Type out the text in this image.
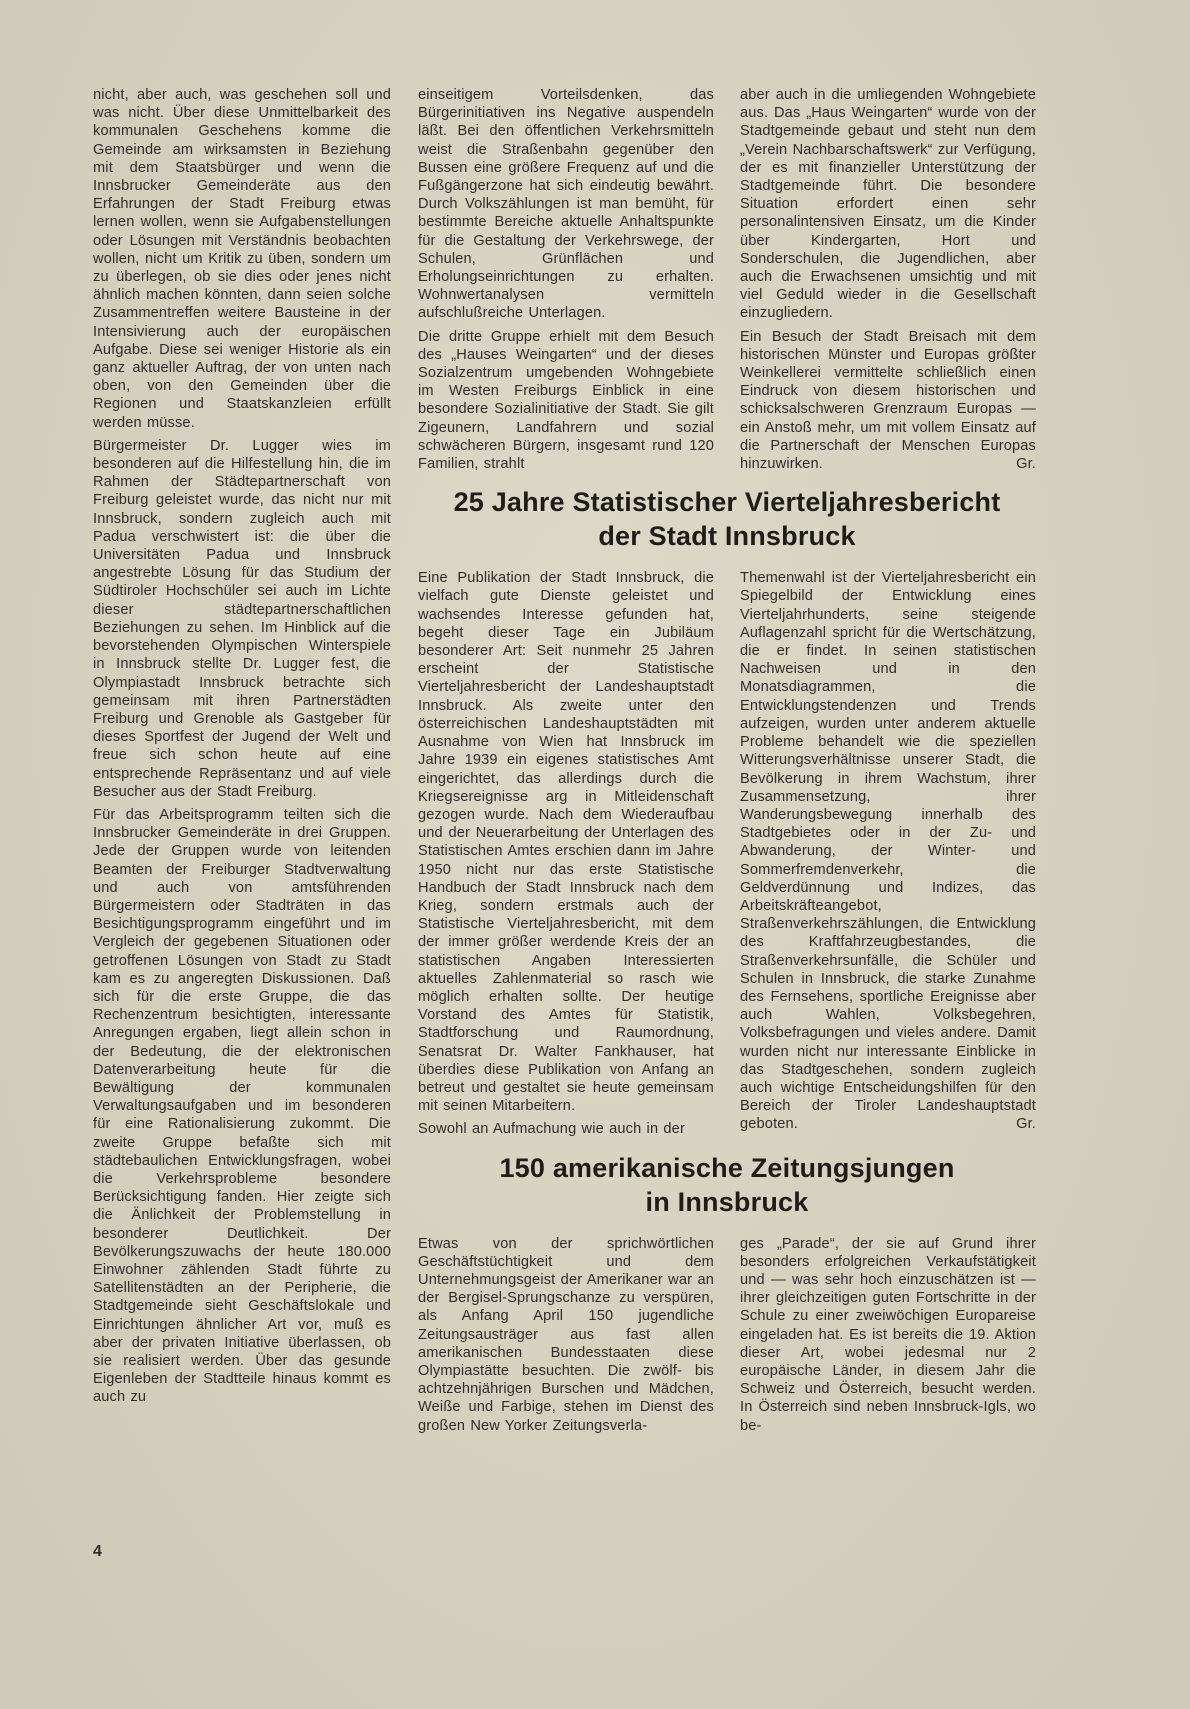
nicht, aber auch, was geschehen soll und was nicht. Über diese Unmittelbarkeit des kommunalen Geschehens komme die Gemeinde am wirksamsten in Beziehung mit dem Staatsbürger und wenn die Innsbrucker Gemeinderäte aus den Erfahrungen der Stadt Freiburg etwas lernen wollen, wenn sie Aufgabenstellungen oder Lösungen mit Verständnis beobachten wollen, nicht um Kritik zu üben, sondern um zu überlegen, ob sie dies oder jenes nicht ähnlich machen könnten, dann seien solche Zusammentreffen weitere Bausteine in der Intensivierung auch der europäischen Aufgabe. Diese sei weniger Historie als ein ganz aktueller Auftrag, der von unten nach oben, von den Gemeinden über die Regionen und Staatskanzleien erfüllt werden müsse.

Bürgermeister Dr. Lugger wies im besonderen auf die Hilfestellung hin, die im Rahmen der Städtepartnerschaft von Freiburg geleistet wurde, das nicht nur mit Innsbruck, sondern zugleich auch mit Padua verschwistert ist: die über die Universitäten Padua und Innsbruck angestrebte Lösung für das Studium der Südtiroler Hochschüler sei auch im Lichte dieser städtepartnerschaftlichen Beziehungen zu sehen. Im Hinblick auf die bevorstehenden Olympischen Winterspiele in Innsbruck stellte Dr. Lugger fest, die Olympiastadt Innsbruck betrachte sich gemeinsam mit ihren Partnerstädten Freiburg und Grenoble als Gastgeber für dieses Sportfest der Jugend der Welt und freue sich schon heute auf eine entsprechende Repräsentanz und auf viele Besucher aus der Stadt Freiburg.

Für das Arbeitsprogramm teilten sich die Innsbrucker Gemeinderäte in drei Gruppen. Jede der Gruppen wurde von leitenden Beamten der Freiburger Stadtverwaltung und auch von amtsführenden Bürgermeistern oder Stadträten in das Besichtigungsprogramm eingeführt und im Vergleich der gegebenen Situationen oder getroffenen Lösungen von Stadt zu Stadt kam es zu angeregten Diskussionen. Daß sich für die erste Gruppe, die das Rechenzentrum besichtigten, interessante Anregungen ergaben, liegt allein schon in der Bedeutung, die der elektronischen Datenverarbeitung heute für die Bewältigung der kommunalen Verwaltungsaufgaben und im besonderen für eine Rationalisierung zukommt. Die zweite Gruppe befaßte sich mit städtebaulichen Entwicklungsfragen, wobei die Verkehrsprobleme besondere Berücksichtigung fanden. Hier zeigte sich die Änlichkeit der Problemstellung in besonderer Deutlichkeit. Der Bevölkerungszuwachs der heute 180.000 Einwohner zählenden Stadt führte zu Satellitenstädten an der Peripherie, die Stadtgemeinde sieht Geschäftslokale und Einrichtungen ähnlicher Art vor, muß es aber der privaten Initiative überlassen, ob sie realisiert werden. Über das gesunde Eigenleben der Stadtteile hinaus kommt es auch zu

einseitigem Vorteilsdenken, das Bürgerinitiativen ins Negative auspendeln läßt. Bei den öffentlichen Verkehrsmitteln weist die Straßenbahn gegenüber den Bussen eine größere Frequenz auf und die Fußgängerzone hat sich eindeutig bewährt. Durch Volkszählungen ist man bemüht, für bestimmte Bereiche aktuelle Anhaltspunkte für die Gestaltung der Verkehrswege, der Schulen, Grünflächen und Erholungseinrichtungen zu erhalten. Wohnwertanalysen vermitteln aufschlußreiche Unterlagen.

Die dritte Gruppe erhielt mit dem Besuch des „Hauses Weingarten“ und der dieses Sozialzentrum umgebenden Wohngebiete im Westen Freiburgs Einblick in eine besondere Sozialinitiative der Stadt. Sie gilt Zigeunern, Landfahrern und sozial schwächeren Bürgern, insgesamt rund 120 Familien, strahlt

aber auch in die umliegenden Wohngebiete aus. Das „Haus Weingarten“ wurde von der Stadtgemeinde gebaut und steht nun dem „Verein Nachbarschaftswerk“ zur Verfügung, der es mit finanzieller Unterstützung der Stadtgemeinde führt. Die besondere Situation erfordert einen sehr personalintensiven Einsatz, um die Kinder über Kindergarten, Hort und Sonderschulen, die Jugendlichen, aber auch die Erwachsenen umsichtig und mit viel Geduld wieder in die Gesellschaft einzugliedern.

Ein Besuch der Stadt Breisach mit dem historischen Münster und Europas größter Weinkellerei vermittelte schließlich einen Eindruck von diesem historischen und schicksalschweren Grenzraum Europas — ein Anstoß mehr, um mit vollem Einsatz auf die Partnerschaft der Menschen Europas hinzuwirken.	Gr.

25 Jahre Statistischer Vierteljahresbericht
der Stadt Innsbruck

Eine Publikation der Stadt Innsbruck, die vielfach gute Dienste geleistet und wachsendes Interesse gefunden hat, begeht dieser Tage ein Jubiläum besonderer Art: Seit nunmehr 25 Jahren erscheint der Statistische Vierteljahresbericht der Landeshauptstadt Innsbruck. Als zweite unter den österreichischen Landeshauptstädten mit Ausnahme von Wien hat Innsbruck im Jahre 1939 ein eigenes statistisches Amt eingerichtet, das allerdings durch die Kriegsereignisse arg in Mitleidenschaft gezogen wurde. Nach dem Wiederaufbau und der Neuerarbeitung der Unterlagen des Statistischen Amtes erschien dann im Jahre 1950 nicht nur das erste Statistische Handbuch der Stadt Innsbruck nach dem Krieg, sondern erstmals auch der Statistische Vierteljahresbericht, mit dem der immer größer werdende Kreis der an statistischen Angaben Interessierten aktuelles Zahlenmaterial so rasch wie möglich erhalten sollte. Der heutige Vorstand des Amtes für Statistik, Stadtforschung und Raumordnung, Senatsrat Dr. Walter Fankhauser, hat überdies diese Publikation von Anfang an betreut und gestaltet sie heute gemeinsam mit seinen Mitarbeitern.

Sowohl an Aufmachung wie auch in der

Themenwahl ist der Vierteljahresbericht ein Spiegelbild der Entwicklung eines Vierteljahrhunderts, seine steigende Auflagenzahl spricht für die Wertschätzung, die er findet. In seinen statistischen Nachweisen und in den Monatsdiagrammen, die Entwicklungstendenzen und Trends aufzeigen, wurden unter anderem aktuelle Probleme behandelt wie die speziellen Witterungsverhältnisse unserer Stadt, die Bevölkerung in ihrem Wachstum, ihrer Zusammensetzung, ihrer Wanderungsbewegung innerhalb des Stadtgebietes oder in der Zu- und Abwanderung, der Winter- und Sommerfremdenverkehr, die Geldverdünnung und Indizes, das Arbeitskräfteangebot, Straßenverkehrszählungen, die Entwicklung des Kraftfahrzeugbestandes, die Straßenverkehrsunfälle, die Schüler und Schulen in Innsbruck, die starke Zunahme des Fernsehens, sportliche Ereignisse aber auch Wahlen, Volksbegehren, Volksbefragungen und vieles andere. Damit wurden nicht nur interessante Einblicke in das Stadtgeschehen, sondern zugleich auch wichtige Entscheidungshilfen für den Bereich der Tiroler Landeshauptstadt geboten.	Gr.

150 amerikanische Zeitungsjungen
in Innsbruck

Etwas von der sprichwörtlichen Geschäftstüchtigkeit und dem Unternehmungsgeist der Amerikaner war an der Bergisel-Sprungschanze zu verspüren, als Anfang April 150 jugendliche Zeitungsausträger aus fast allen amerikanischen Bundesstaaten diese Olympiastätte besuchten. Die zwölf- bis achtzehnjährigen Burschen und Mädchen, Weiße und Farbige, stehen im Dienst des großen New Yorker Zeitungsverla-

ges „Parade“, der sie auf Grund ihrer besonders erfolgreichen Verkaufstätigkeit und — was sehr hoch einzuschätzen ist — ihrer gleichzeitigen guten Fortschritte in der Schule zu einer zweiwöchigen Europareise eingeladen hat. Es ist bereits die 19. Aktion dieser Art, wobei jedesmal nur 2 europäische Länder, in diesem Jahr die Schweiz und Österreich, besucht werden. In Österreich sind neben Innsbruck-Igls, wo be-

4
